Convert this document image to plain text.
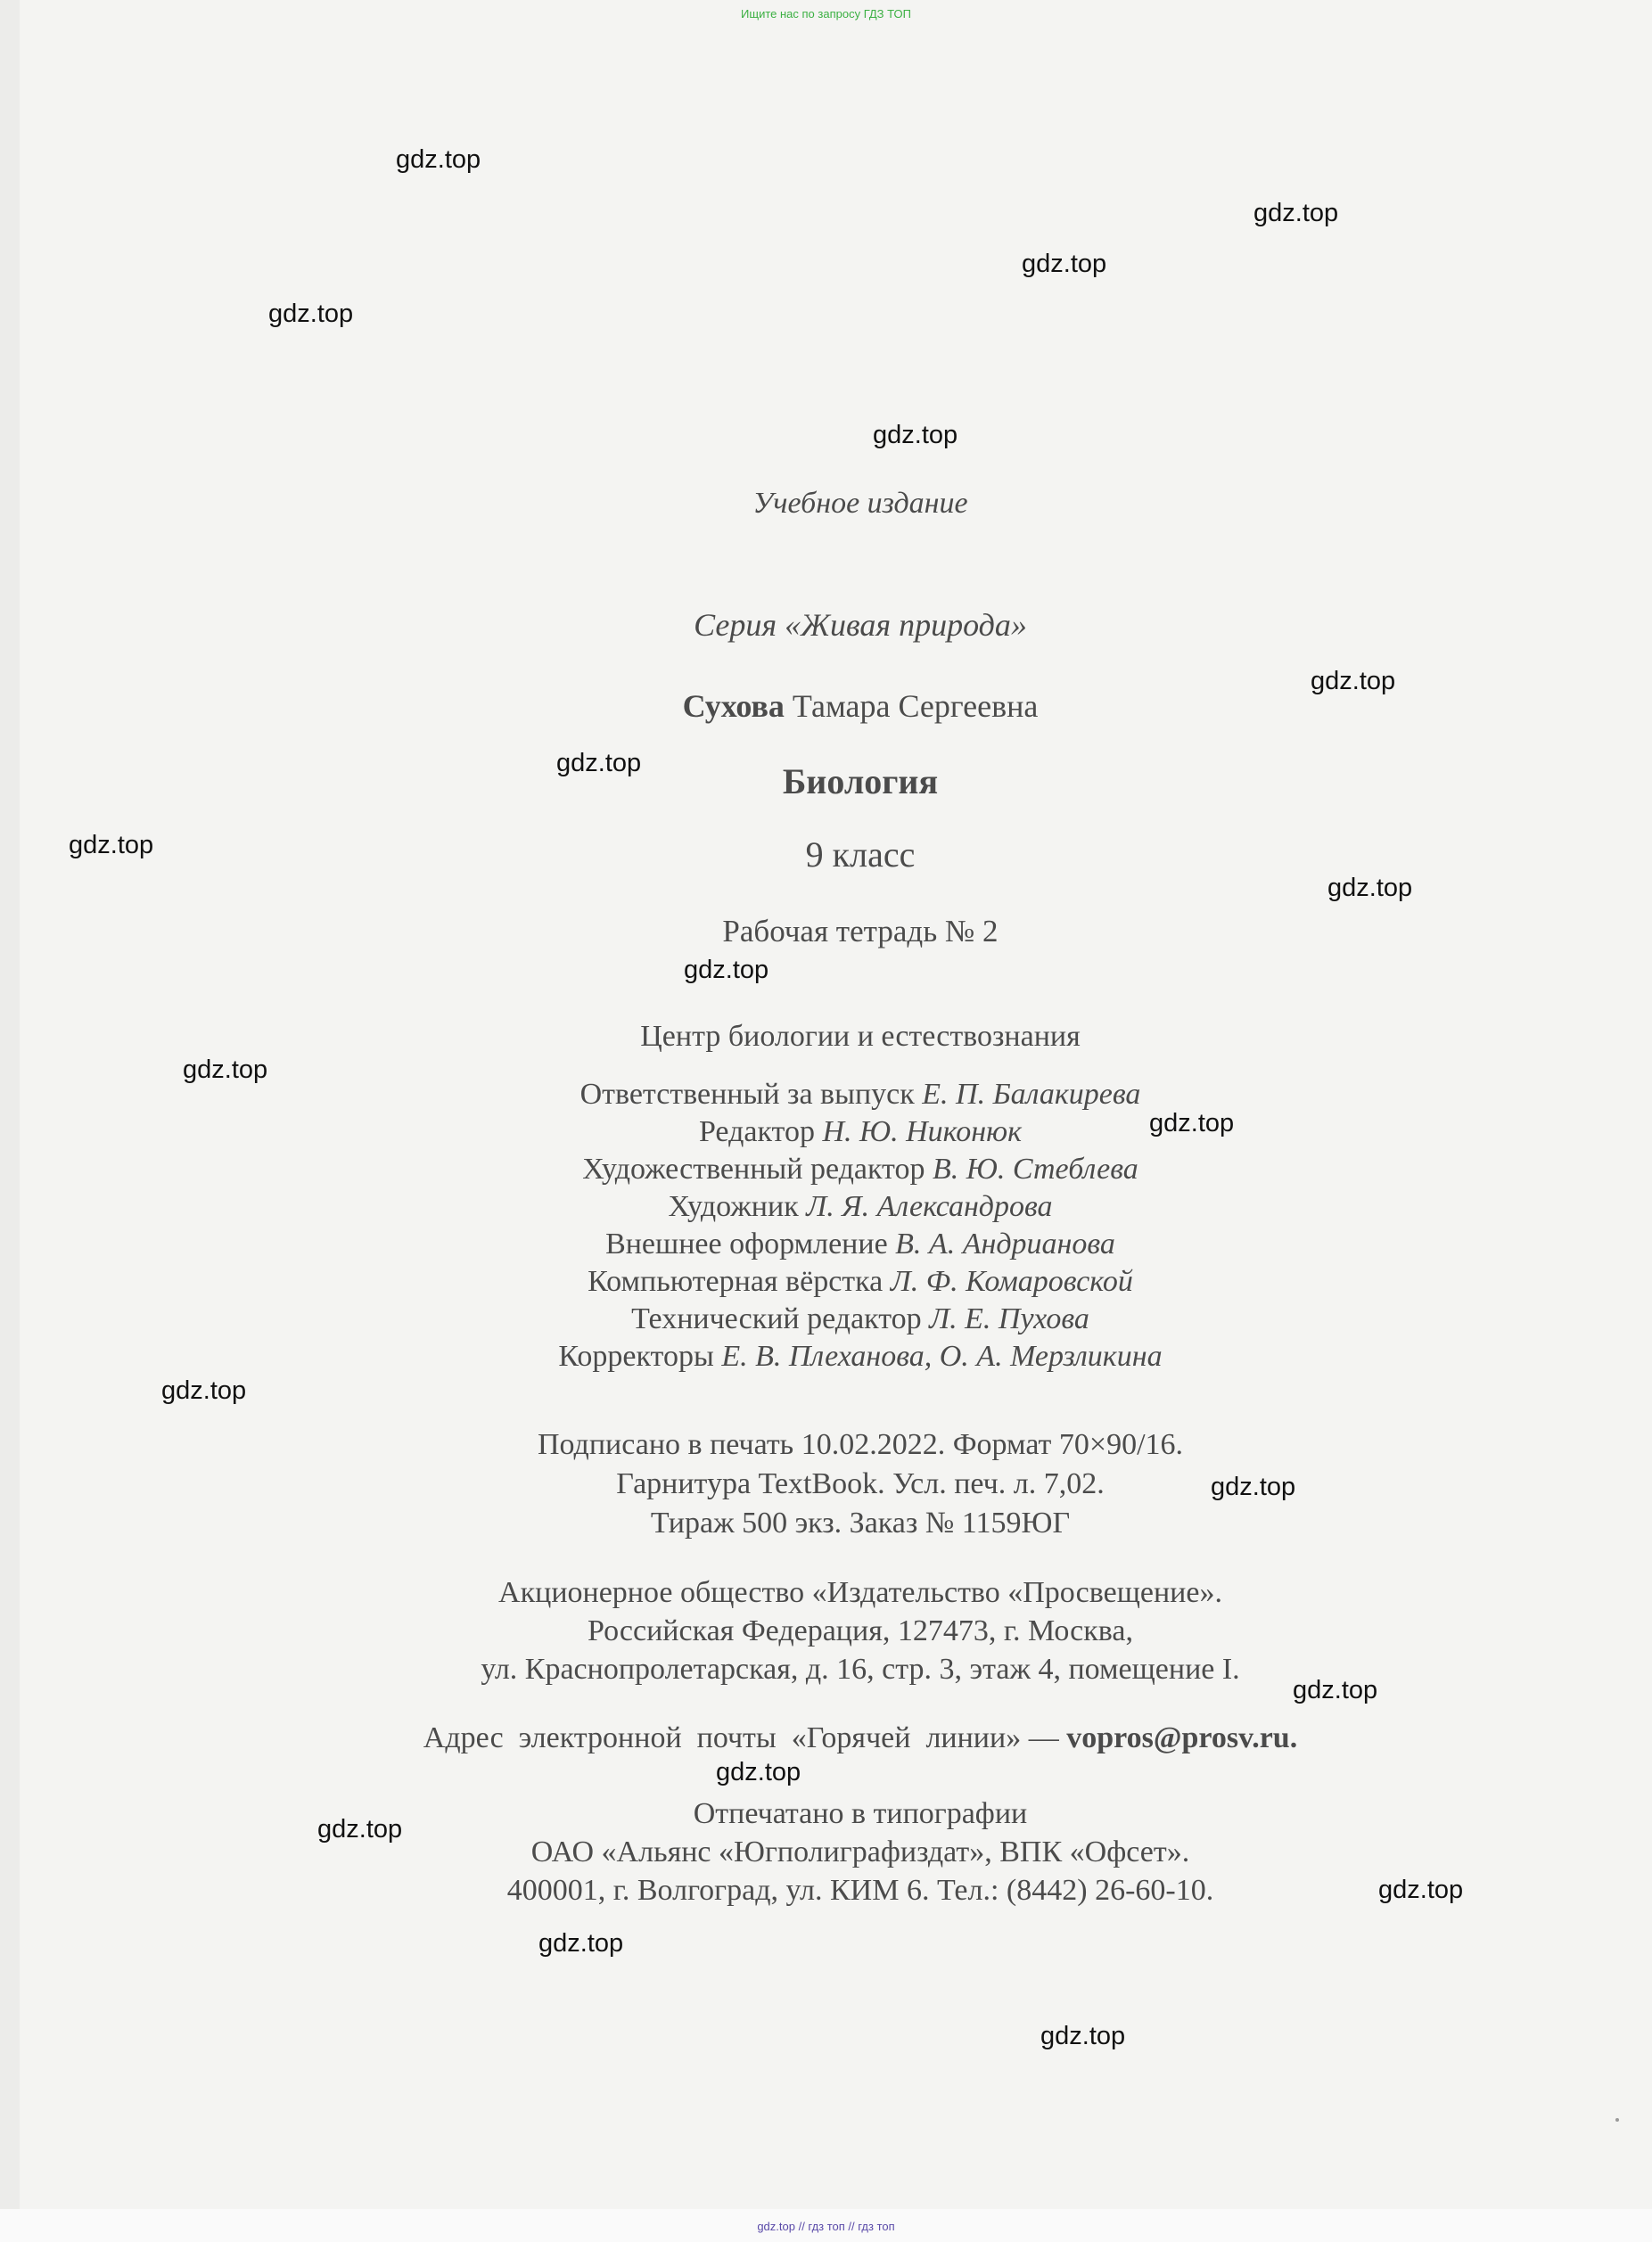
Ищите нас по запросу ГДЗ ТОП
gdz.top
gdz.top
gdz.top
gdz.top
gdz.top
gdz.top
gdz.top
gdz.top
gdz.top
gdz.top
gdz.top
gdz.top
gdz.top
gdz.top
gdz.top
gdz.top
gdz.top
gdz.top
gdz.top
gdz.top
Учебное издание
Серия «Живая природа»
Сухова Тамара Сергеевна
Биология
9 класс
Рабочая тетрадь № 2
Центр биологии и естествознания
Ответственный за выпуск Е. П. Балакирева
Редактор Н. Ю. Никонюк
Художественный редактор В. Ю. Стеблева
Художник Л. Я. Александрова
Внешнее оформление В. А. Андрианова
Компьютерная вёрстка Л. Ф. Комаровской
Технический редактор Л. Е. Пухова
Корректоры Е. В. Плеханова, О. А. Мерзликина
Подписано в печать 10.02.2022. Формат 70×90/16.
Гарнитура TextBook. Усл. печ. л. 7,02.
Тираж 500 экз. Заказ № 1159ЮГ
Акционерное общество «Издательство «Просвещение».
Российская Федерация, 127473, г. Москва,
ул. Краснопролетарская, д. 16, стр. 3, этаж 4, помещение I.
Адрес  электронной  почты  «Горячей  линии» — vopros@prosv.ru.
Отпечатано в типографии
ОАО «Альянс «Югполиграфиздат», ВПК «Офсет».
400001, г. Волгоград, ул. КИМ 6. Тел.: (8442) 26-60-10.
gdz.top // гдз топ // гдз топ
